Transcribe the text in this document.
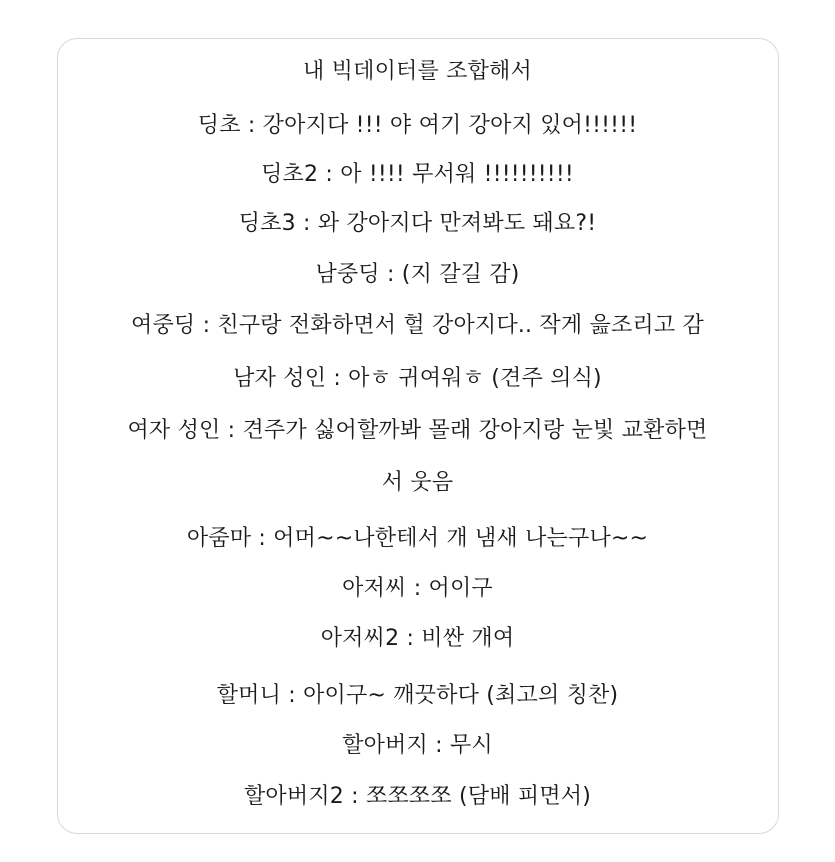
내 빅데이터를 조합해서
딩초 : 강아지다 !!! 야 여기 강아지 있어!!!!!!
딩초2 : 아 !!!! 무서워 !!!!!!!!!!
딩초3 : 와 강아지다 만져봐도 돼요?!
남중딩 : (지 갈길 감)
여중딩 : 친구랑 전화하면서 헐 강아지다.. 작게 읊조리고 감
남자 성인 : 아ㅎ 귀여워ㅎ (견주 의식)
여자 성인 : 견주가 싫어할까봐 몰래 강아지랑 눈빛 교환하면
서 웃음
아줌마 : 어머~~나한테서 개 냄새 나는구나~~
아저씨 : 어이구
아저씨2 : 비싼 개여
할머니 : 아이구~ 깨끗하다 (최고의 칭찬)
할아버지 : 무시
할아버지2 : 쪼쪼쪼쪼 (담배 피면서)
